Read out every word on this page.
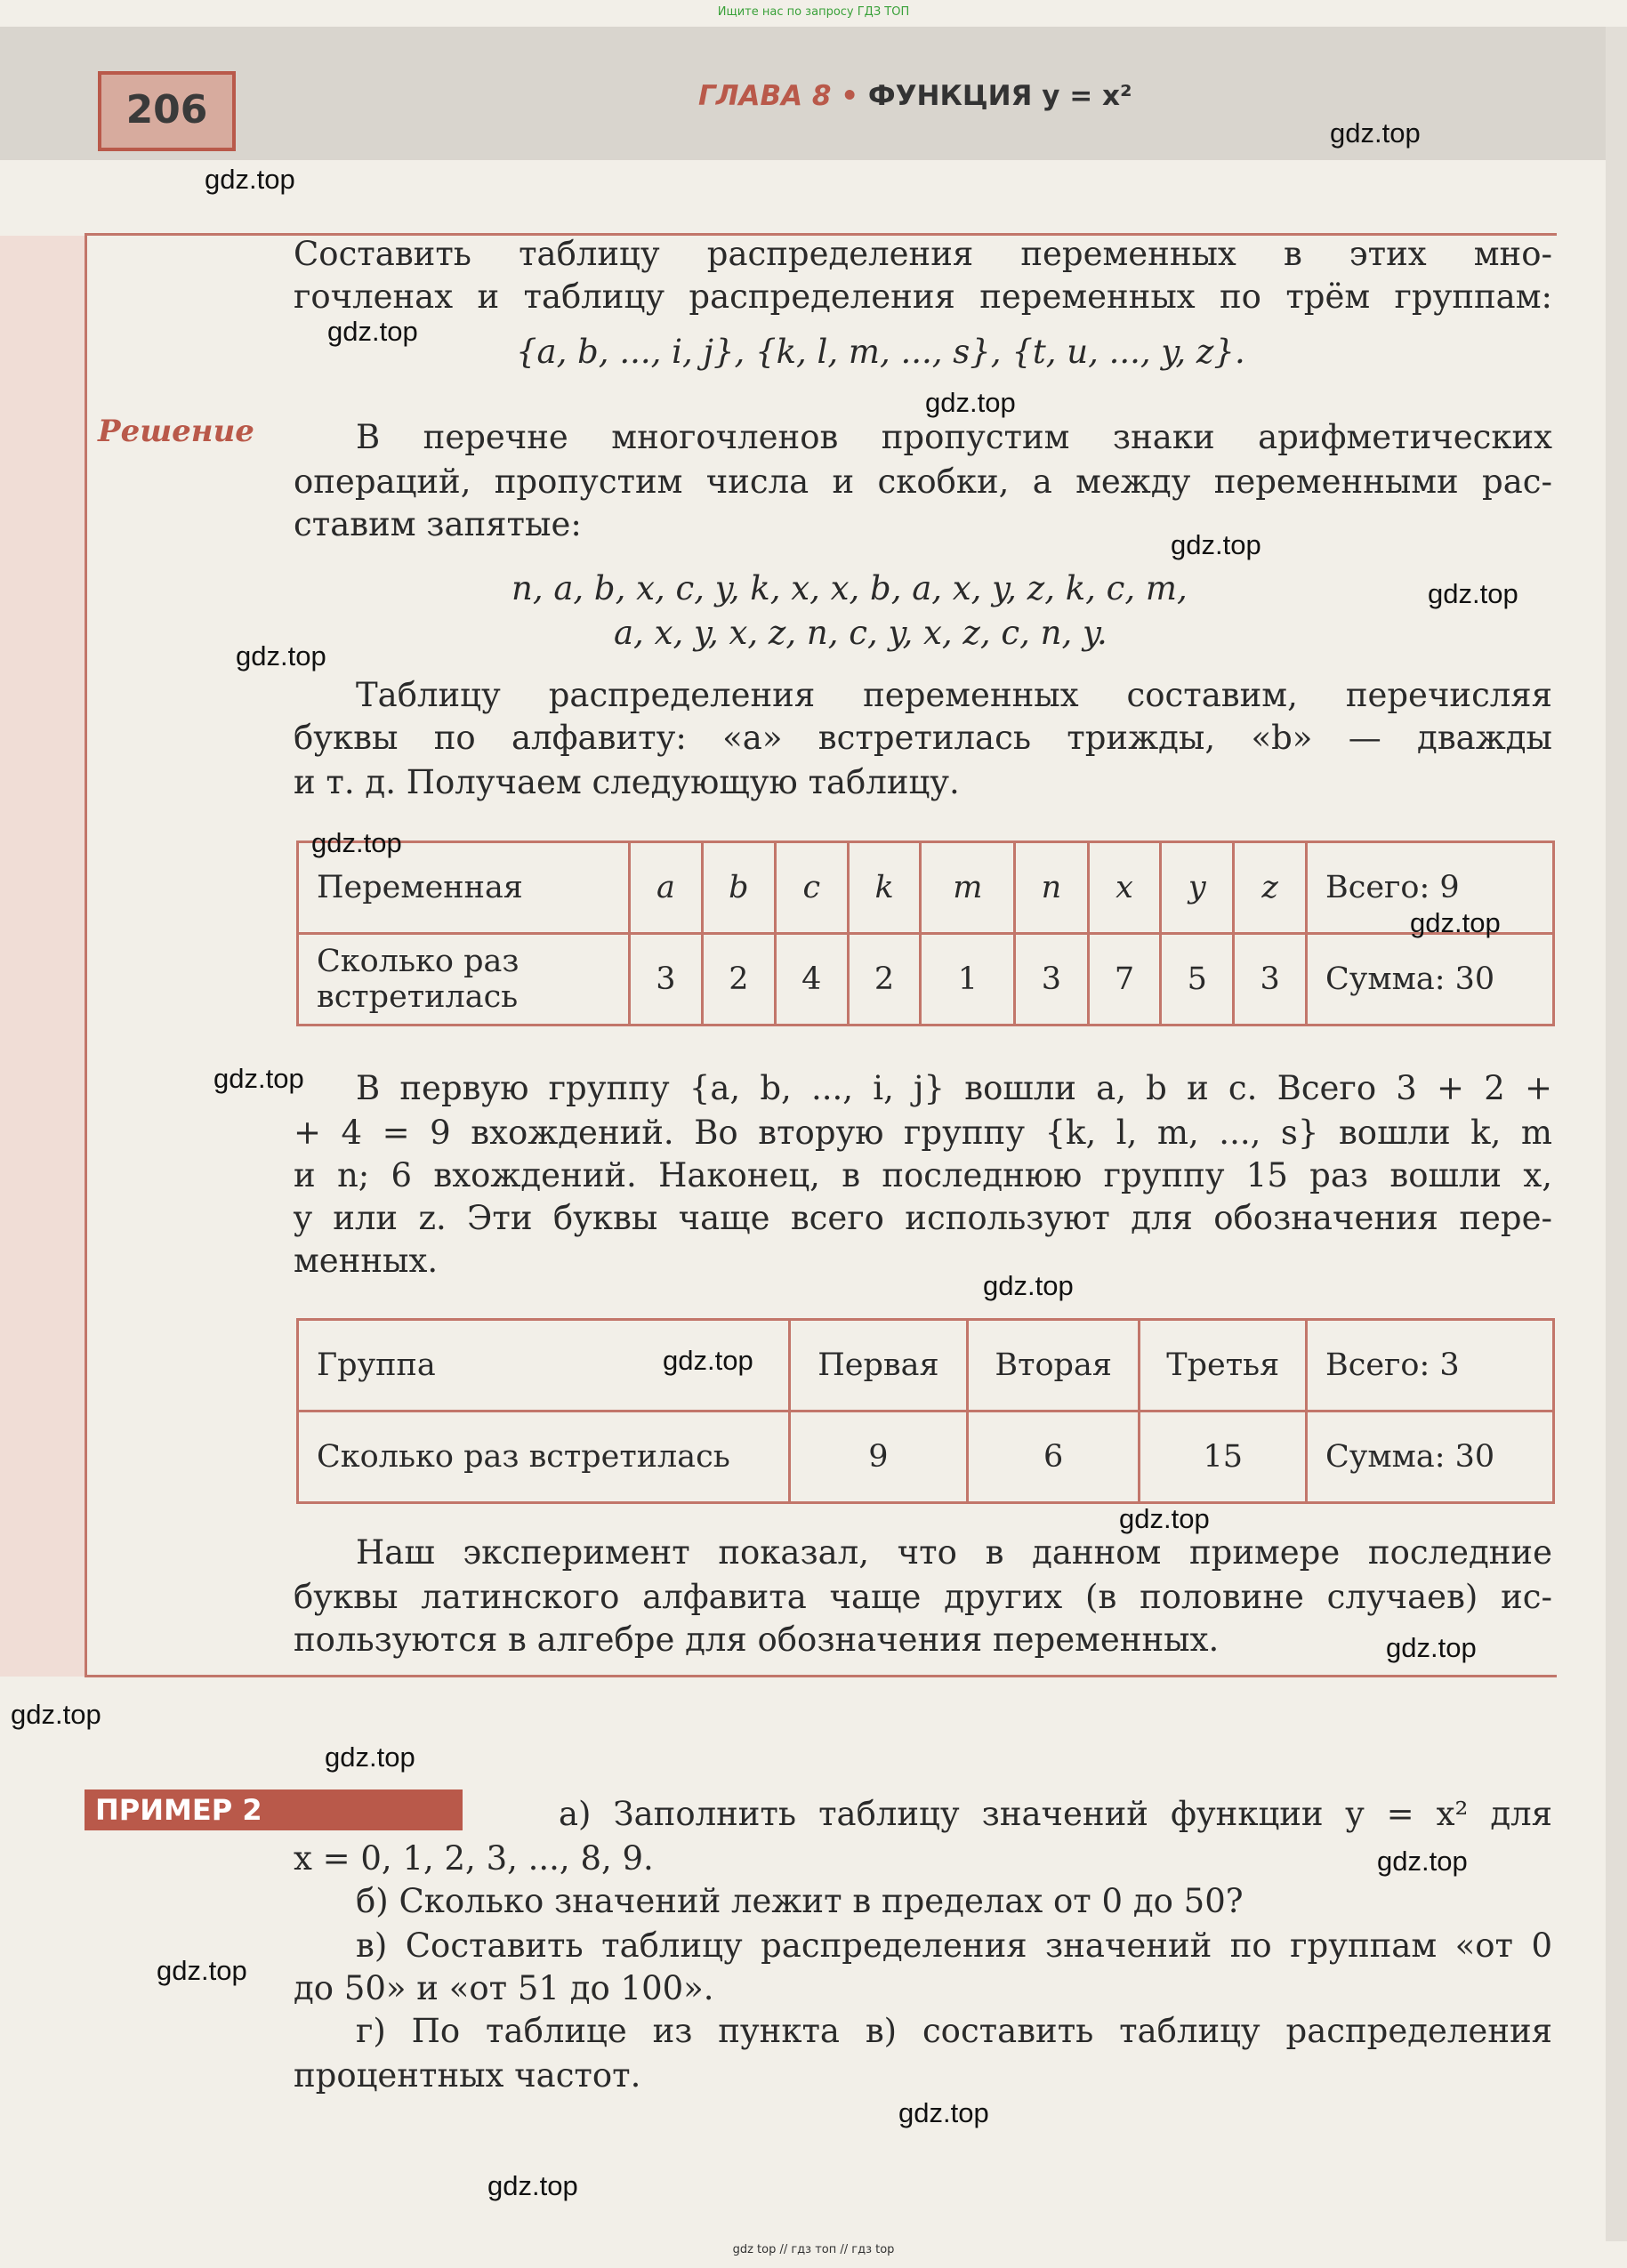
Ищите нас по запросу ГДЗ ТОП
206	ГЛАВА 8 • ФУНКЦИЯ y = x²
Составить таблицу распределения переменных в этих мно-
гочленах и таблицу распределения переменных по трём группам:
{a, b, ..., i, j}, {k, l, m, ..., s}, {t, u, ..., y, z}.
Решение	В перечне многочленов пропустим знаки арифметических
операций, пропустим числа и скобки, а между переменными рас-
ставим запятые:
n, a, b, x, c, y, k, x, x, b, a, x, y, z, k, c, m,
a, x, y, x, z, n, c, y, x, z, c, n, y.
Таблицу распределения переменных составим, перечисляя
буквы по алфавиту: «a» встретилась трижды, «b» — дважды
и т. д. Получаем следующую таблицу.
Переменная	a	b	c	k	m	n	x	y	z	Всего: 9
Сколько раз встретилась	3	2	4	2	1	3	7	5	3	Сумма: 30
В первую группу {a, b, ..., i, j} вошли a, b и c. Всего 3 + 2 +
+ 4 = 9 вхождений. Во вторую группу {k, l, m, ..., s} вошли k, m
и n; 6 вхождений. Наконец, в последнюю группу 15 раз вошли x,
y или z. Эти буквы чаще всего используют для обозначения пере-
менных.
Группа	Первая	Вторая	Третья	Всего: 3
Сколько раз встретилась	9	6	15	Сумма: 30
Наш эксперимент показал, что в данном примере последние
буквы латинского алфавита чаще других (в половине случаев) ис-
пользуются в алгебре для обозначения переменных.
ПРИМЕР 2	а) Заполнить таблицу значений функции y = x² для
x = 0, 1, 2, 3, ..., 8, 9.
б) Сколько значений лежит в пределах от 0 до 50?
в) Составить таблицу распределения значений по группам «от 0
до 50» и «от 51 до 100».
г) По таблице из пункта в) составить таблицу распределения
процентных частот.
gdz.top
gdz.top
gdz.top
gdz.top
gdz.top
gdz.top
gdz.top
gdz.top
gdz.top
gdz.top
gdz.top
gdz.top
gdz.top
gdz.top
gdz.top
gdz.top
gdz.top
gdz.top
gdz.top
gdz.top
gdz top // гдз топ // гдз top
